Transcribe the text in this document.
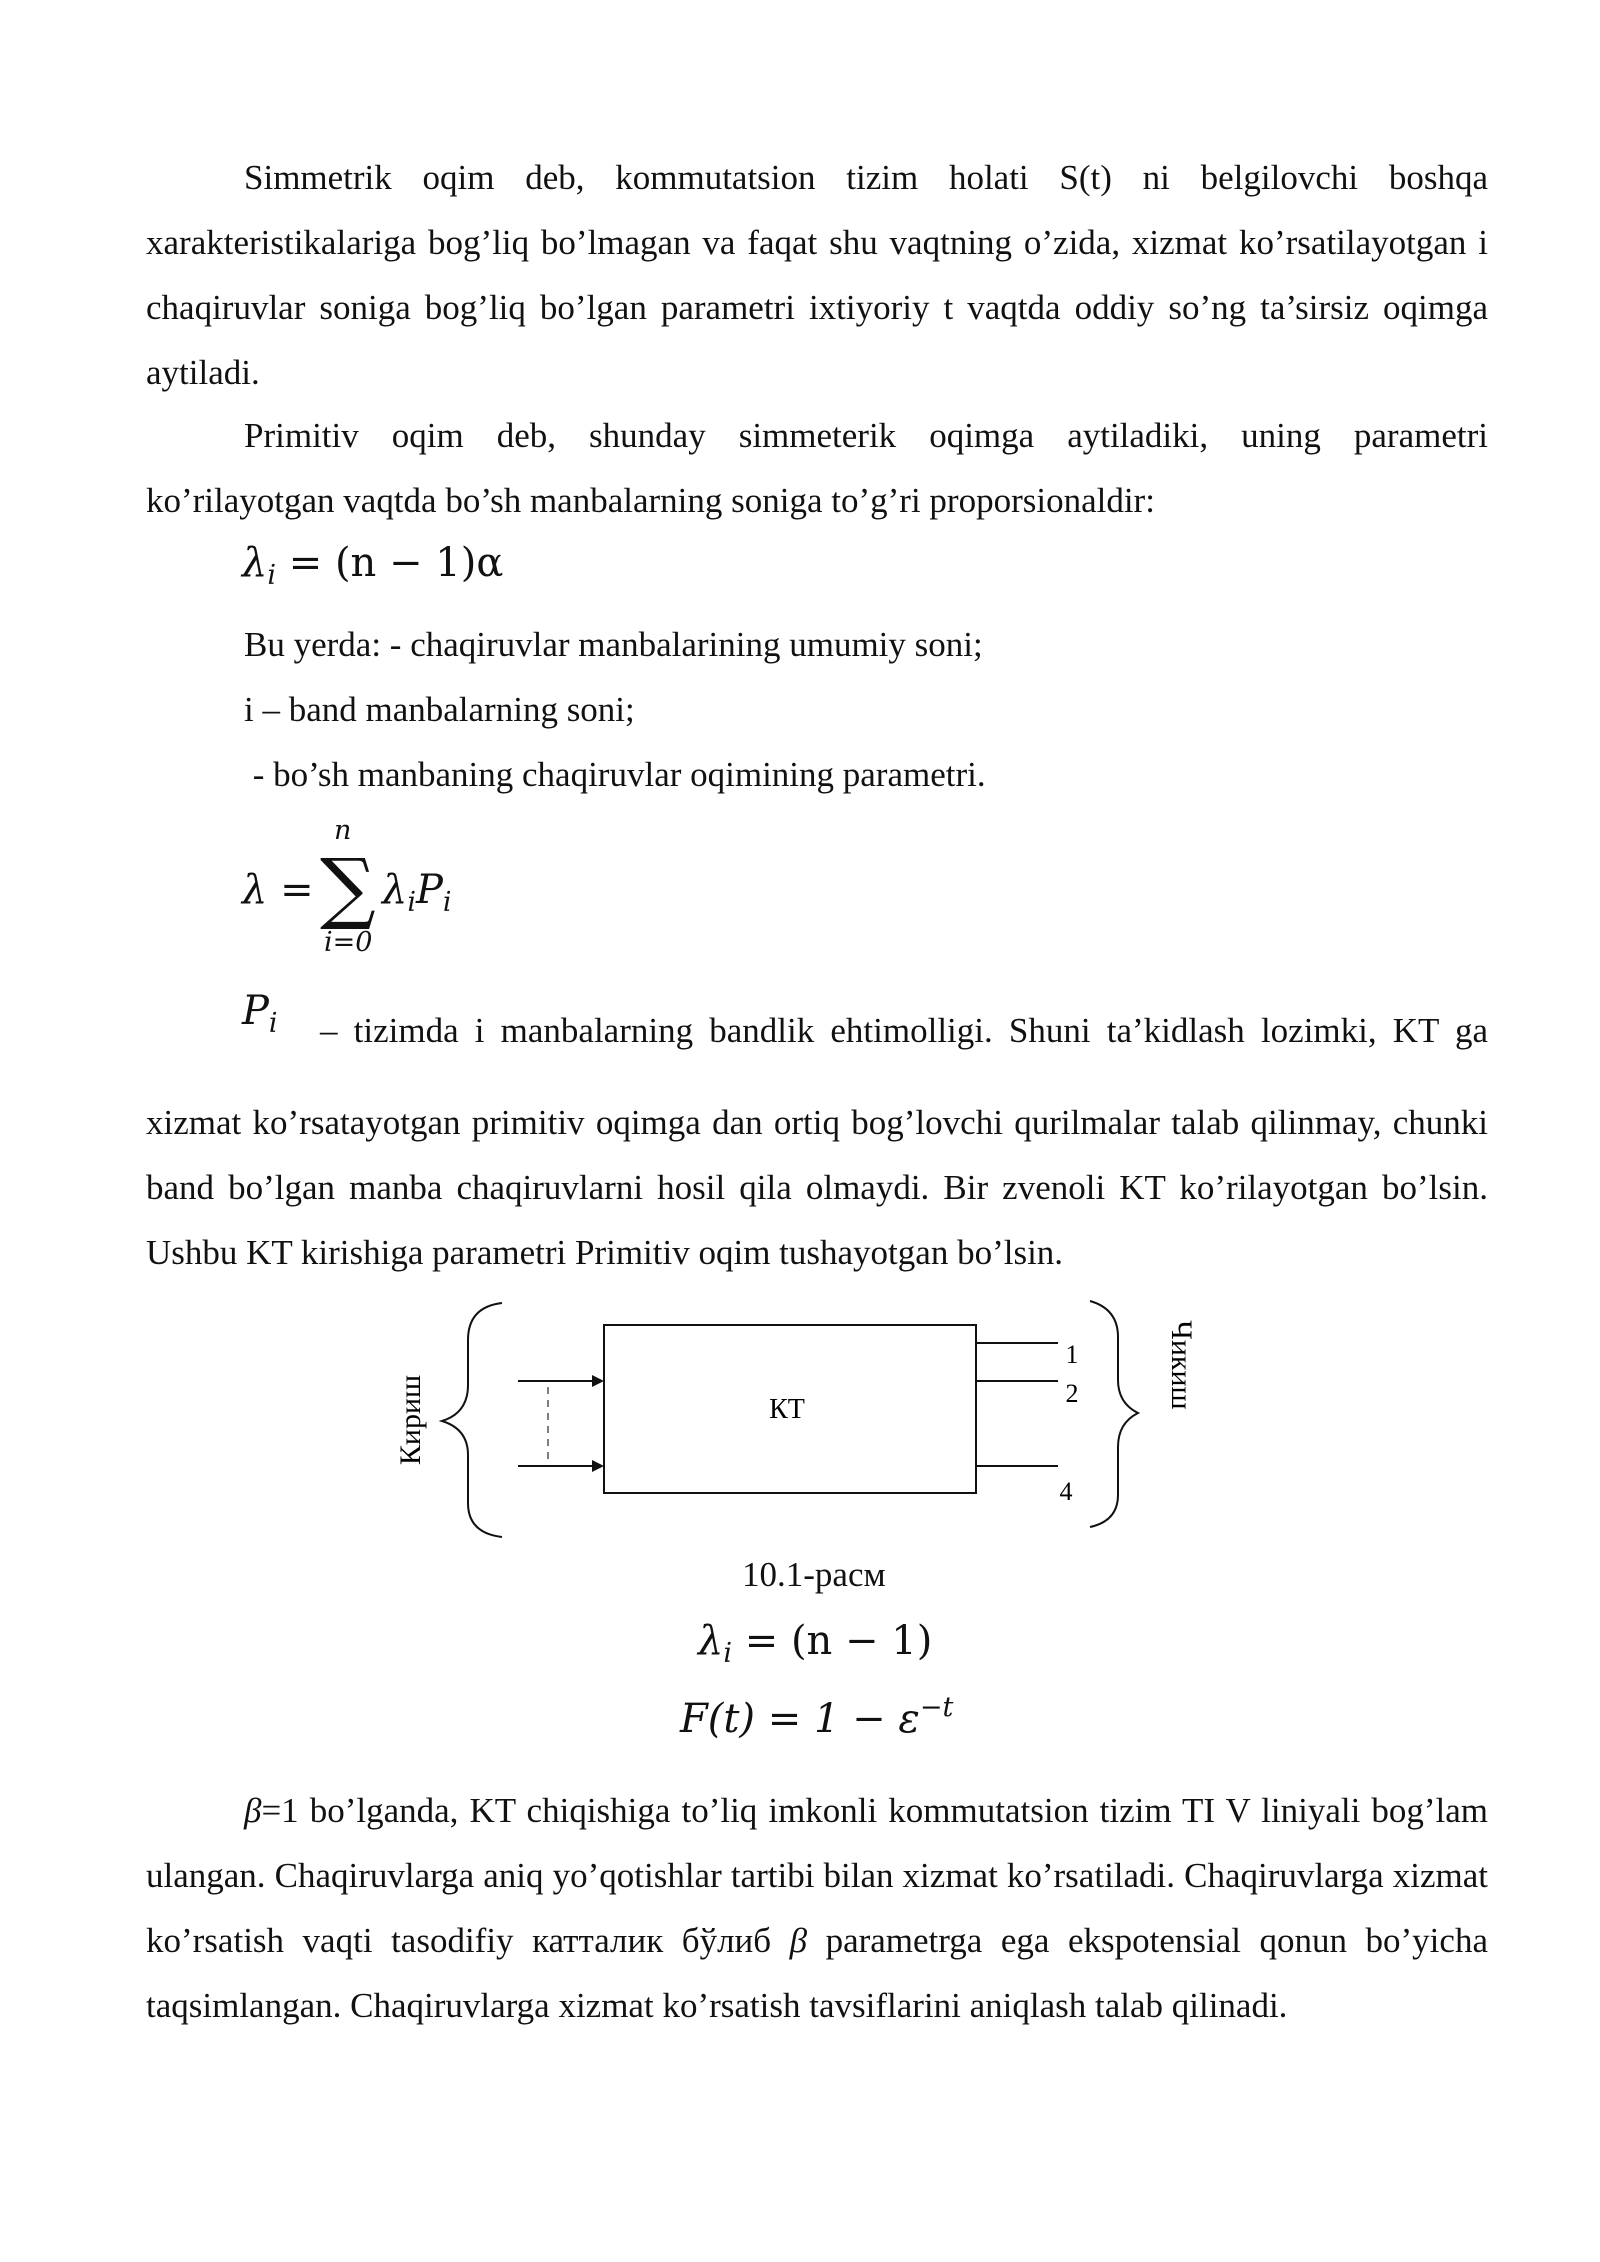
Simmetrik oqim deb, kommutatsion tizim holati S(t) ni belgilovchi boshqa xarakteristikalariga bog’liq bo’lmagan va faqat shu vaqtning o’zida, xizmat ko’rsatilayotgan i chaqiruvlar soniga bog’liq bo’lgan parametri ixtiyoriy t vaqtda oddiy so’ng ta’sirsiz oqimga aytiladi.

Primitiv oqim deb, shunday simmeterik oqimga aytiladiki, uning parametri ko’rilayotgan vaqtda bo’sh manbalarning soniga to’g’ri proporsionaldir:

$\lambda_i = (n - 1)\alpha$

Bu yerda: - chaqiruvlar manbalarining umumiy soni;

i – band manbalarning soni;

- bo’sh manbaning chaqiruvlar oqimining parametri.

λ =
n
∑
i=0
$\lambda_iP_i$
$P_i$ – tizimda i manbalarning bandlik ehtimolligi. Shuni ta’kidlash lozimki, KT ga

xizmat ko’rsatayotgan primitiv oqimga dan ortiq bog’lovchi qurilmalar talab qilinmay, chunki band bo’lgan manba chaqiruvlarni hosil qila olmaydi. Bir zvenoli KT ko’rilayotgan bo’lsin. Ushbu KT kirishiga parametri Primitiv oqim tushayotgan bo’lsin.

Кириш	КТ
1
2
4
Чикиш
10.1-расм
$\lambda_i = (n - 1)$
$F(t) = 1 - \varepsilon^{-t}$

β=1 bo’lganda, KT chiqishiga to’liq imkonli kommutatsion tizim TI V liniyali bog’lam ulangan. Chaqiruvlarga aniq yo’qotishlar tartibi bilan xizmat ko’rsatiladi. Chaqiruvlarga xizmat ko’rsatish vaqti tasodifiy катталик бўлиб β parametrga ega ekspotensial qonun bo’yicha taqsimlangan. Chaqiruvlarga xizmat ko’rsatish tavsiflarini aniqlash talab qilinadi.
